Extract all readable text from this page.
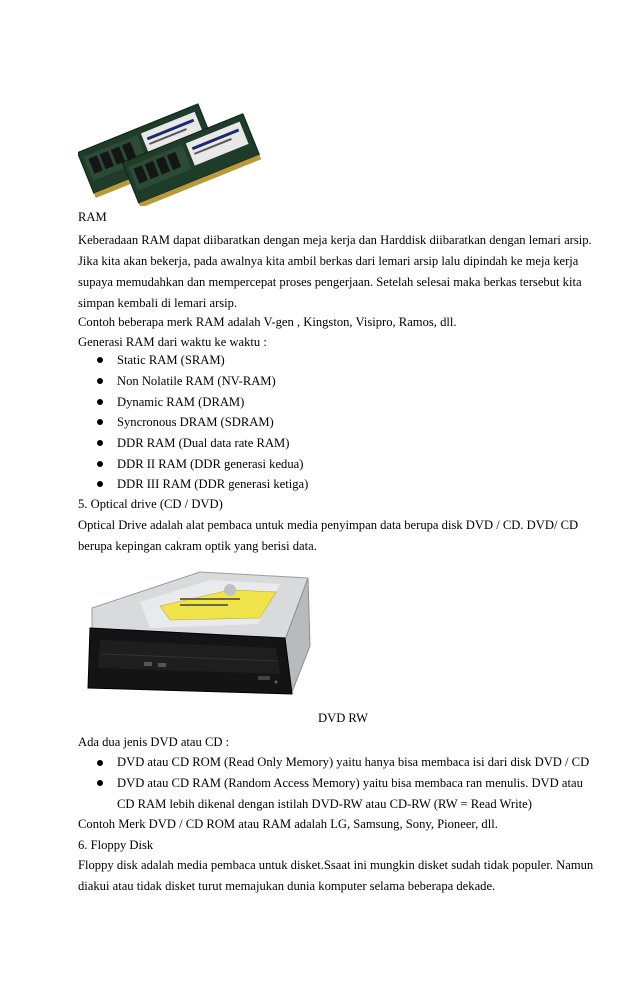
RAM
Keberadaan RAM dapat diibaratkan dengan meja kerja dan Harddisk diibaratkan dengan lemari arsip.
Jika kita akan bekerja, pada awalnya kita ambil berkas dari lemari arsip lalu dipindah ke meja kerja
supaya memudahkan dan mempercepat proses pengerjaan. Setelah selesai maka berkas tersebut kita
simpan kembali di lemari arsip.
Contoh beberapa merk RAM adalah V-gen , Kingston, Visipro, Ramos, dll.
Generasi RAM dari waktu ke waktu :
Static RAM (SRAM)
Non Nolatile RAM (NV-RAM)
Dynamic RAM (DRAM)
Syncronous DRAM (SDRAM)
DDR RAM (Dual data rate RAM)
DDR II RAM (DDR generasi kedua)
DDR III RAM (DDR generasi ketiga)
5. Optical drive (CD / DVD)
Optical Drive adalah alat pembaca untuk media penyimpan data berupa disk DVD / CD. DVD/ CD
berupa kepingan cakram optik yang berisi data.
DVD RW
Ada dua jenis DVD atau CD :
DVD atau CD ROM (Read Only Memory) yaitu hanya bisa membaca isi dari disk DVD / CD
DVD atau CD RAM (Random Access Memory) yaitu bisa membaca ran menulis. DVD atau
CD RAM lebih dikenal dengan istilah DVD-RW atau CD-RW (RW = Read Write)
Contoh Merk DVD / CD ROM atau RAM adalah LG, Samsung, Sony, Pioneer, dll.
6. Floppy Disk
Floppy disk adalah media pembaca untuk disket.Ssaat ini mungkin disket sudah tidak populer. Namun
diakui atau tidak disket turut memajukan dunia komputer selama beberapa dekade.
